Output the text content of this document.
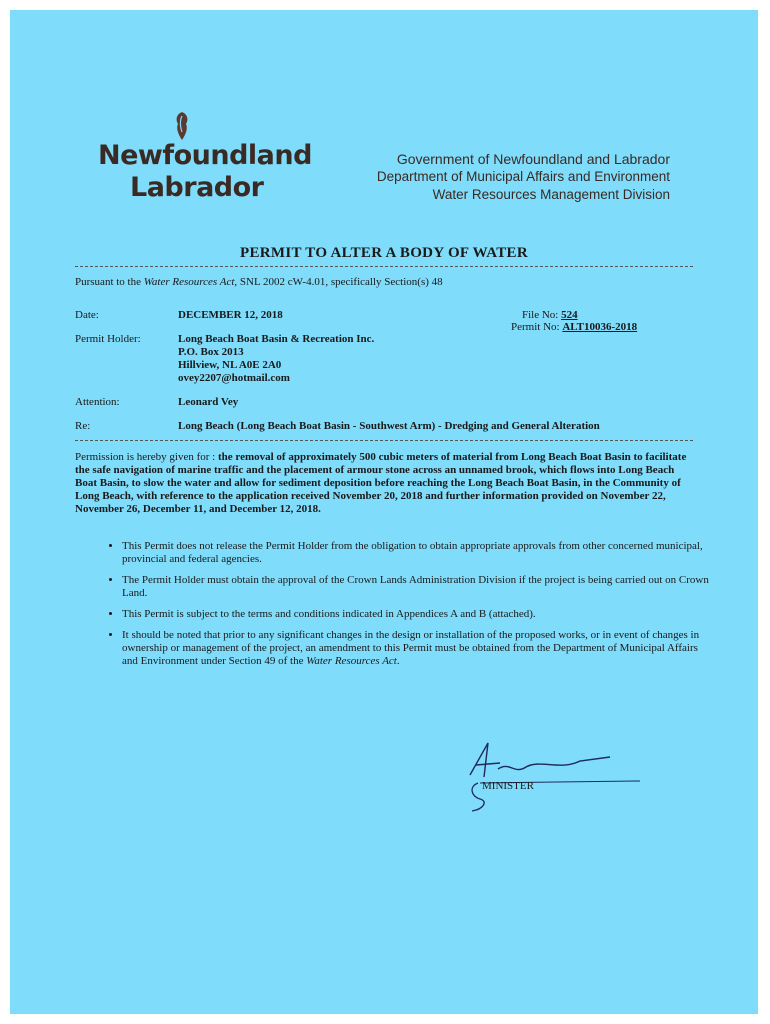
Newfoundland
Labrador
Government of Newfoundland and Labrador
Department of Municipal Affairs and Environment
Water Resources Management Division
PERMIT TO ALTER A BODY OF WATER
Pursuant to the Water Resources Act, SNL 2002 cW-4.01, specifically Section(s) 48
Date:	DECEMBER 12, 2018	File No: 524
Permit No: ALT10036-2018
Permit Holder:	Long Beach Boat Basin & Recreation Inc.
P.O. Box 2013
Hillview, NL A0E 2A0
ovey2207@hotmail.com
Attention:	Leonard Vey
Re:	Long Beach (Long Beach Boat Basin - Southwest Arm) - Dredging and General Alteration
Permission is hereby given for : the removal of approximately 500 cubic meters of material from Long Beach Boat Basin to facilitate the safe navigation of marine traffic and the placement of armour stone across an unnamed brook, which flows into Long Beach Boat Basin, to slow the water and allow for sediment deposition before reaching the Long Beach Boat Basin, in the Community of Long Beach, with reference to the application received November 20, 2018 and further information provided on November 22, November 26, December 11, and December 12, 2018.
• This Permit does not release the Permit Holder from the obligation to obtain appropriate approvals from other concerned municipal, provincial and federal agencies.
• The Permit Holder must obtain the approval of the Crown Lands Administration Division if the project is being carried out on Crown Land.
• This Permit is subject to the terms and conditions indicated in Appendices A and B (attached).
• It should be noted that prior to any significant changes in the design or installation of the proposed works, or in event of changes in ownership or management of the project, an amendment to this Permit must be obtained from the Department of Municipal Affairs and Environment under Section 49 of the Water Resources Act.
MINISTER
